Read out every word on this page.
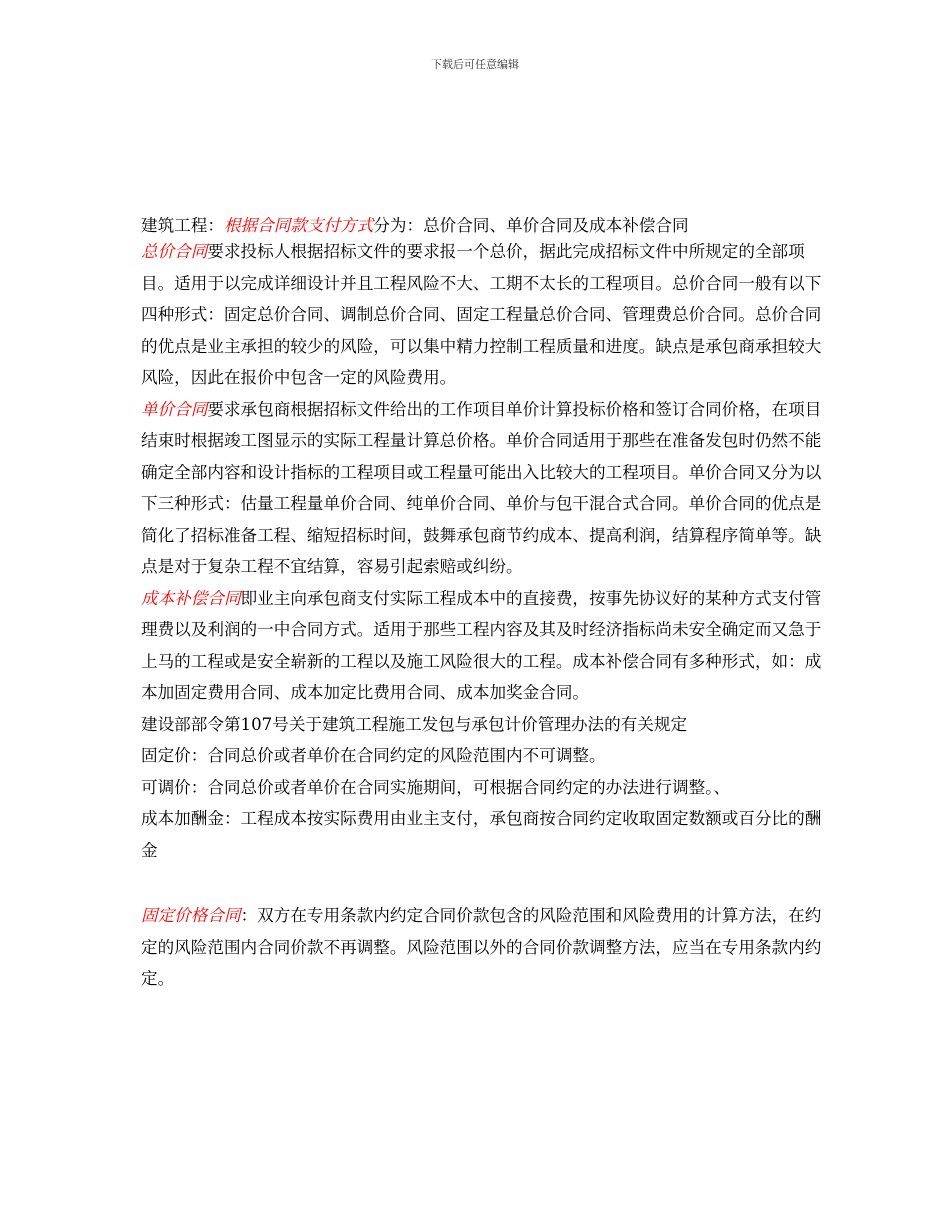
下载后可任意编辑

建筑工程：根据合同款支付方式分为：总价合同、单价合同及成本补偿合同

总价合同要求投标人根据招标文件的要求报一个总价，据此完成招标文件中所规定的全部项目。适用于以完成详细设计并且工程风险不大、工期不太长的工程项目。总价合同一般有以下四种形式：固定总价合同、调制总价合同、固定工程量总价合同、管理费总价合同。总价合同的优点是业主承担的较少的风险，可以集中精力控制工程质量和进度。缺点是承包商承担较大风险，因此在报价中包含一定的风险费用。

单价合同要求承包商根据招标文件给出的工作项目单价计算投标价格和签订合同价格，在项目结束时根据竣工图显示的实际工程量计算总价格。单价合同适用于那些在准备发包时仍然不能确定全部内容和设计指标的工程项目或工程量可能出入比较大的工程项目。单价合同又分为以下三种形式：估量工程量单价合同、纯单价合同、单价与包干混合式合同。单价合同的优点是简化了招标准备工程、缩短招标时间，鼓舞承包商节约成本、提高利润，结算程序简单等。缺点是对于复杂工程不宜结算，容易引起索赔或纠纷。

成本补偿合同即业主向承包商支付实际工程成本中的直接费，按事先协议好的某种方式支付管理费以及利润的一中合同方式。适用于那些工程内容及其及时经济指标尚未安全确定而又急于上马的工程或是安全崭新的工程以及施工风险很大的工程。成本补偿合同有多种形式，如：成本加固定费用合同、成本加定比费用合同、成本加奖金合同。

建设部部令第107号关于建筑工程施工发包与承包计价管理办法的有关规定

固定价：合同总价或者单价在合同约定的风险范围内不可调整。

可调价：合同总价或者单价在合同实施期间，可根据合同约定的办法进行调整。、

成本加酬金：工程成本按实际费用由业主支付，承包商按合同约定收取固定数额或百分比的酬金

固定价格合同：双方在专用条款内约定合同价款包含的风险范围和风险费用的计算方法，在约定的风险范围内合同价款不再调整。风险范围以外的合同价款调整方法，应当在专用条款内约定。
